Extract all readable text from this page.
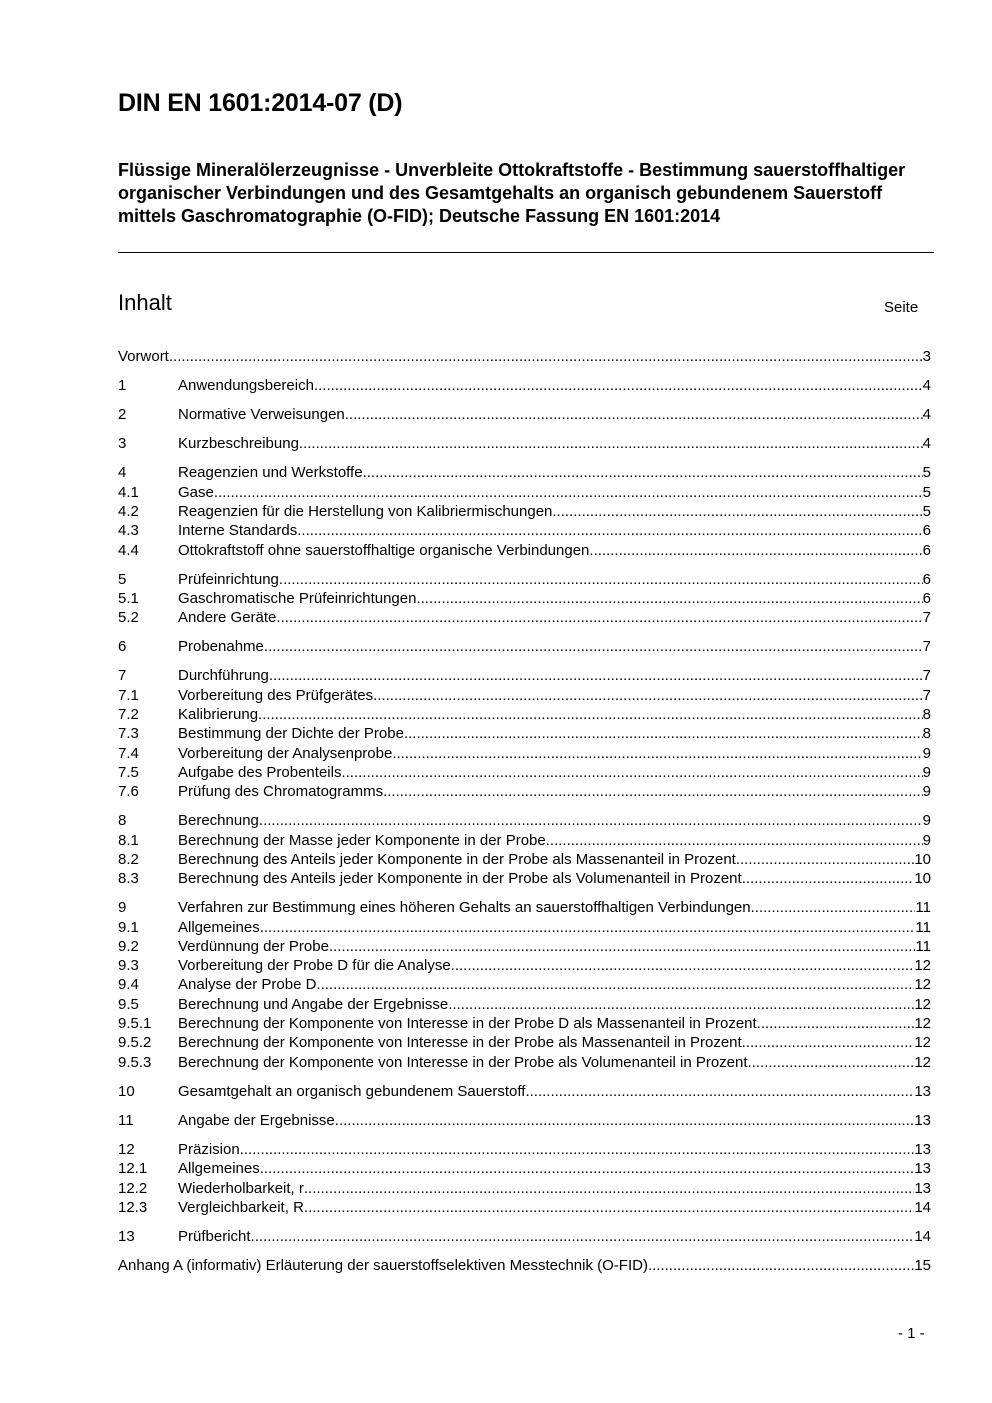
DIN EN 1601:2014-07 (D)

Flüssige Mineralölerzeugnisse - Unverbleite Ottokraftstoffe - Bestimmung sauerstoffhaltiger organischer Verbindungen und des Gesamtgehalts an organisch gebundenem Sauerstoff mittels Gaschromatographie (O-FID); Deutsche Fassung EN 1601:2014

Inhalt	Seite
Vorwort .....	3
1	Anwendungsbereich .....	4
2	Normative Verweisungen .....	4
3	Kurzbeschreibung .....	4
4	Reagenzien und Werkstoffe .....	5
4.1	Gase .....	5
4.2	Reagenzien für die Herstellung von Kalibriermischungen .....	5
4.3	Interne Standards .....	6
4.4	Ottokraftstoff ohne sauerstoffhaltige organische Verbindungen .....	6
5	Prüfeinrichtung .....	6
5.1	Gaschromatische Prüfeinrichtungen .....	6
5.2	Andere Geräte .....	7
6	Probenahme .....	7
7	Durchführung .....	7
7.1	Vorbereitung des Prüfgerätes .....	7
7.2	Kalibrierung .....	8
7.3	Bestimmung der Dichte der Probe .....	8
7.4	Vorbereitung der Analysenprobe .....	9
7.5	Aufgabe des Probenteils .....	9
7.6	Prüfung des Chromatogramms .....	9
8	Berechnung .....	9
8.1	Berechnung der Masse jeder Komponente in der Probe .....	9
8.2	Berechnung des Anteils jeder Komponente in der Probe als Massenanteil in Prozent .....	10
8.3	Berechnung des Anteils jeder Komponente in der Probe als Volumenanteil in Prozent .....	10
9	Verfahren zur Bestimmung eines höheren Gehalts an sauerstoffhaltigen Verbindungen .....	11
9.1	Allgemeines .....	11
9.2	Verdünnung der Probe .....	11
9.3	Vorbereitung der Probe D für die Analyse .....	12
9.4	Analyse der Probe D .....	12
9.5	Berechnung und Angabe der Ergebnisse .....	12
9.5.1	Berechnung der Komponente von Interesse in der Probe D als Massenanteil in Prozent .....	12
9.5.2	Berechnung der Komponente von Interesse in der Probe als Massenanteil in Prozent .....	12
9.5.3	Berechnung der Komponente von Interesse in der Probe als Volumenanteil in Prozent .....	12
10	Gesamtgehalt an organisch gebundenem Sauerstoff .....	13
11	Angabe der Ergebnisse .....	13
12	Präzision .....	13
12.1	Allgemeines .....	13
12.2	Wiederholbarkeit, r .....	13
12.3	Vergleichbarkeit, R .....	14
13	Prüfbericht .....	14
Anhang A (informativ) Erläuterung der sauerstoffselektiven Messtechnik (O-FID) .....	15
- 1 -
